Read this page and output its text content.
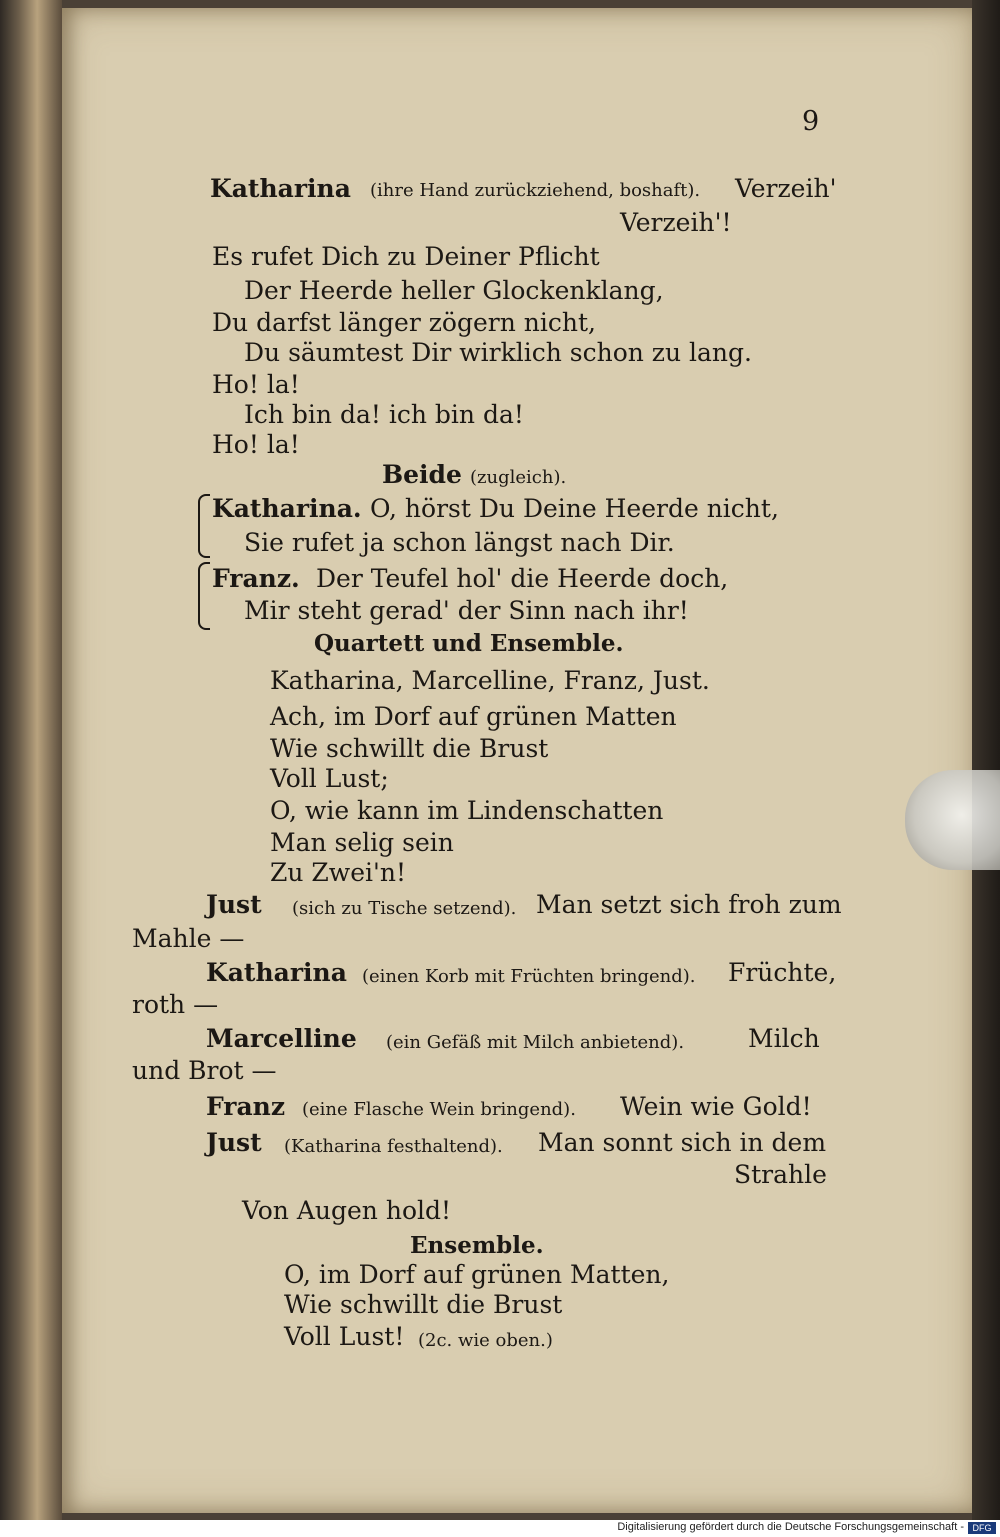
9
Katharina (ihre Hand zurückziehend, boshaft). Verzeih'
Verzeih'!
Es rufet Dich zu Deiner Pflicht
Der Heerde heller Glockenklang,
Du darfst länger zögern nicht,
Du säumtest Dir wirklich schon zu lang.
Ho! la!
Ich bin da! ich bin da!
Ho! la!
Beide (zugleich).
Katharina. O, hörst Du Deine Heerde nicht,
Sie rufet ja schon längst nach Dir.
Franz. Der Teufel hol' die Heerde doch,
Mir steht gerad' der Sinn nach ihr!
Quartett und Ensemble.
Katharina, Marcelline, Franz, Just.
Ach, im Dorf auf grünen Matten
Wie schwillt die Brust
Voll Lust;
O, wie kann im Lindenschatten
Man selig sein
Zu Zwei'n!
Just (sich zu Tische setzend). Man setzt sich froh zum
Mahle —
Katharina (einen Korb mit Früchten bringend). Früchte,
roth —
Marcelline (ein Gefäß mit Milch anbietend).	Milch
und Brot —
Franz (eine Flasche Wein bringend). Wein wie Gold!
Just (Katharina festhaltend). Man sonnt sich in dem
Strahle
Von Augen hold!
Ensemble.
O, im Dorf auf grünen Matten,
Wie schwillt die Brust
Voll Lust! (2c. wie oben.)
Digitalisierung gefördert durch die Deutsche Forschungsgemeinschaft - DFG
